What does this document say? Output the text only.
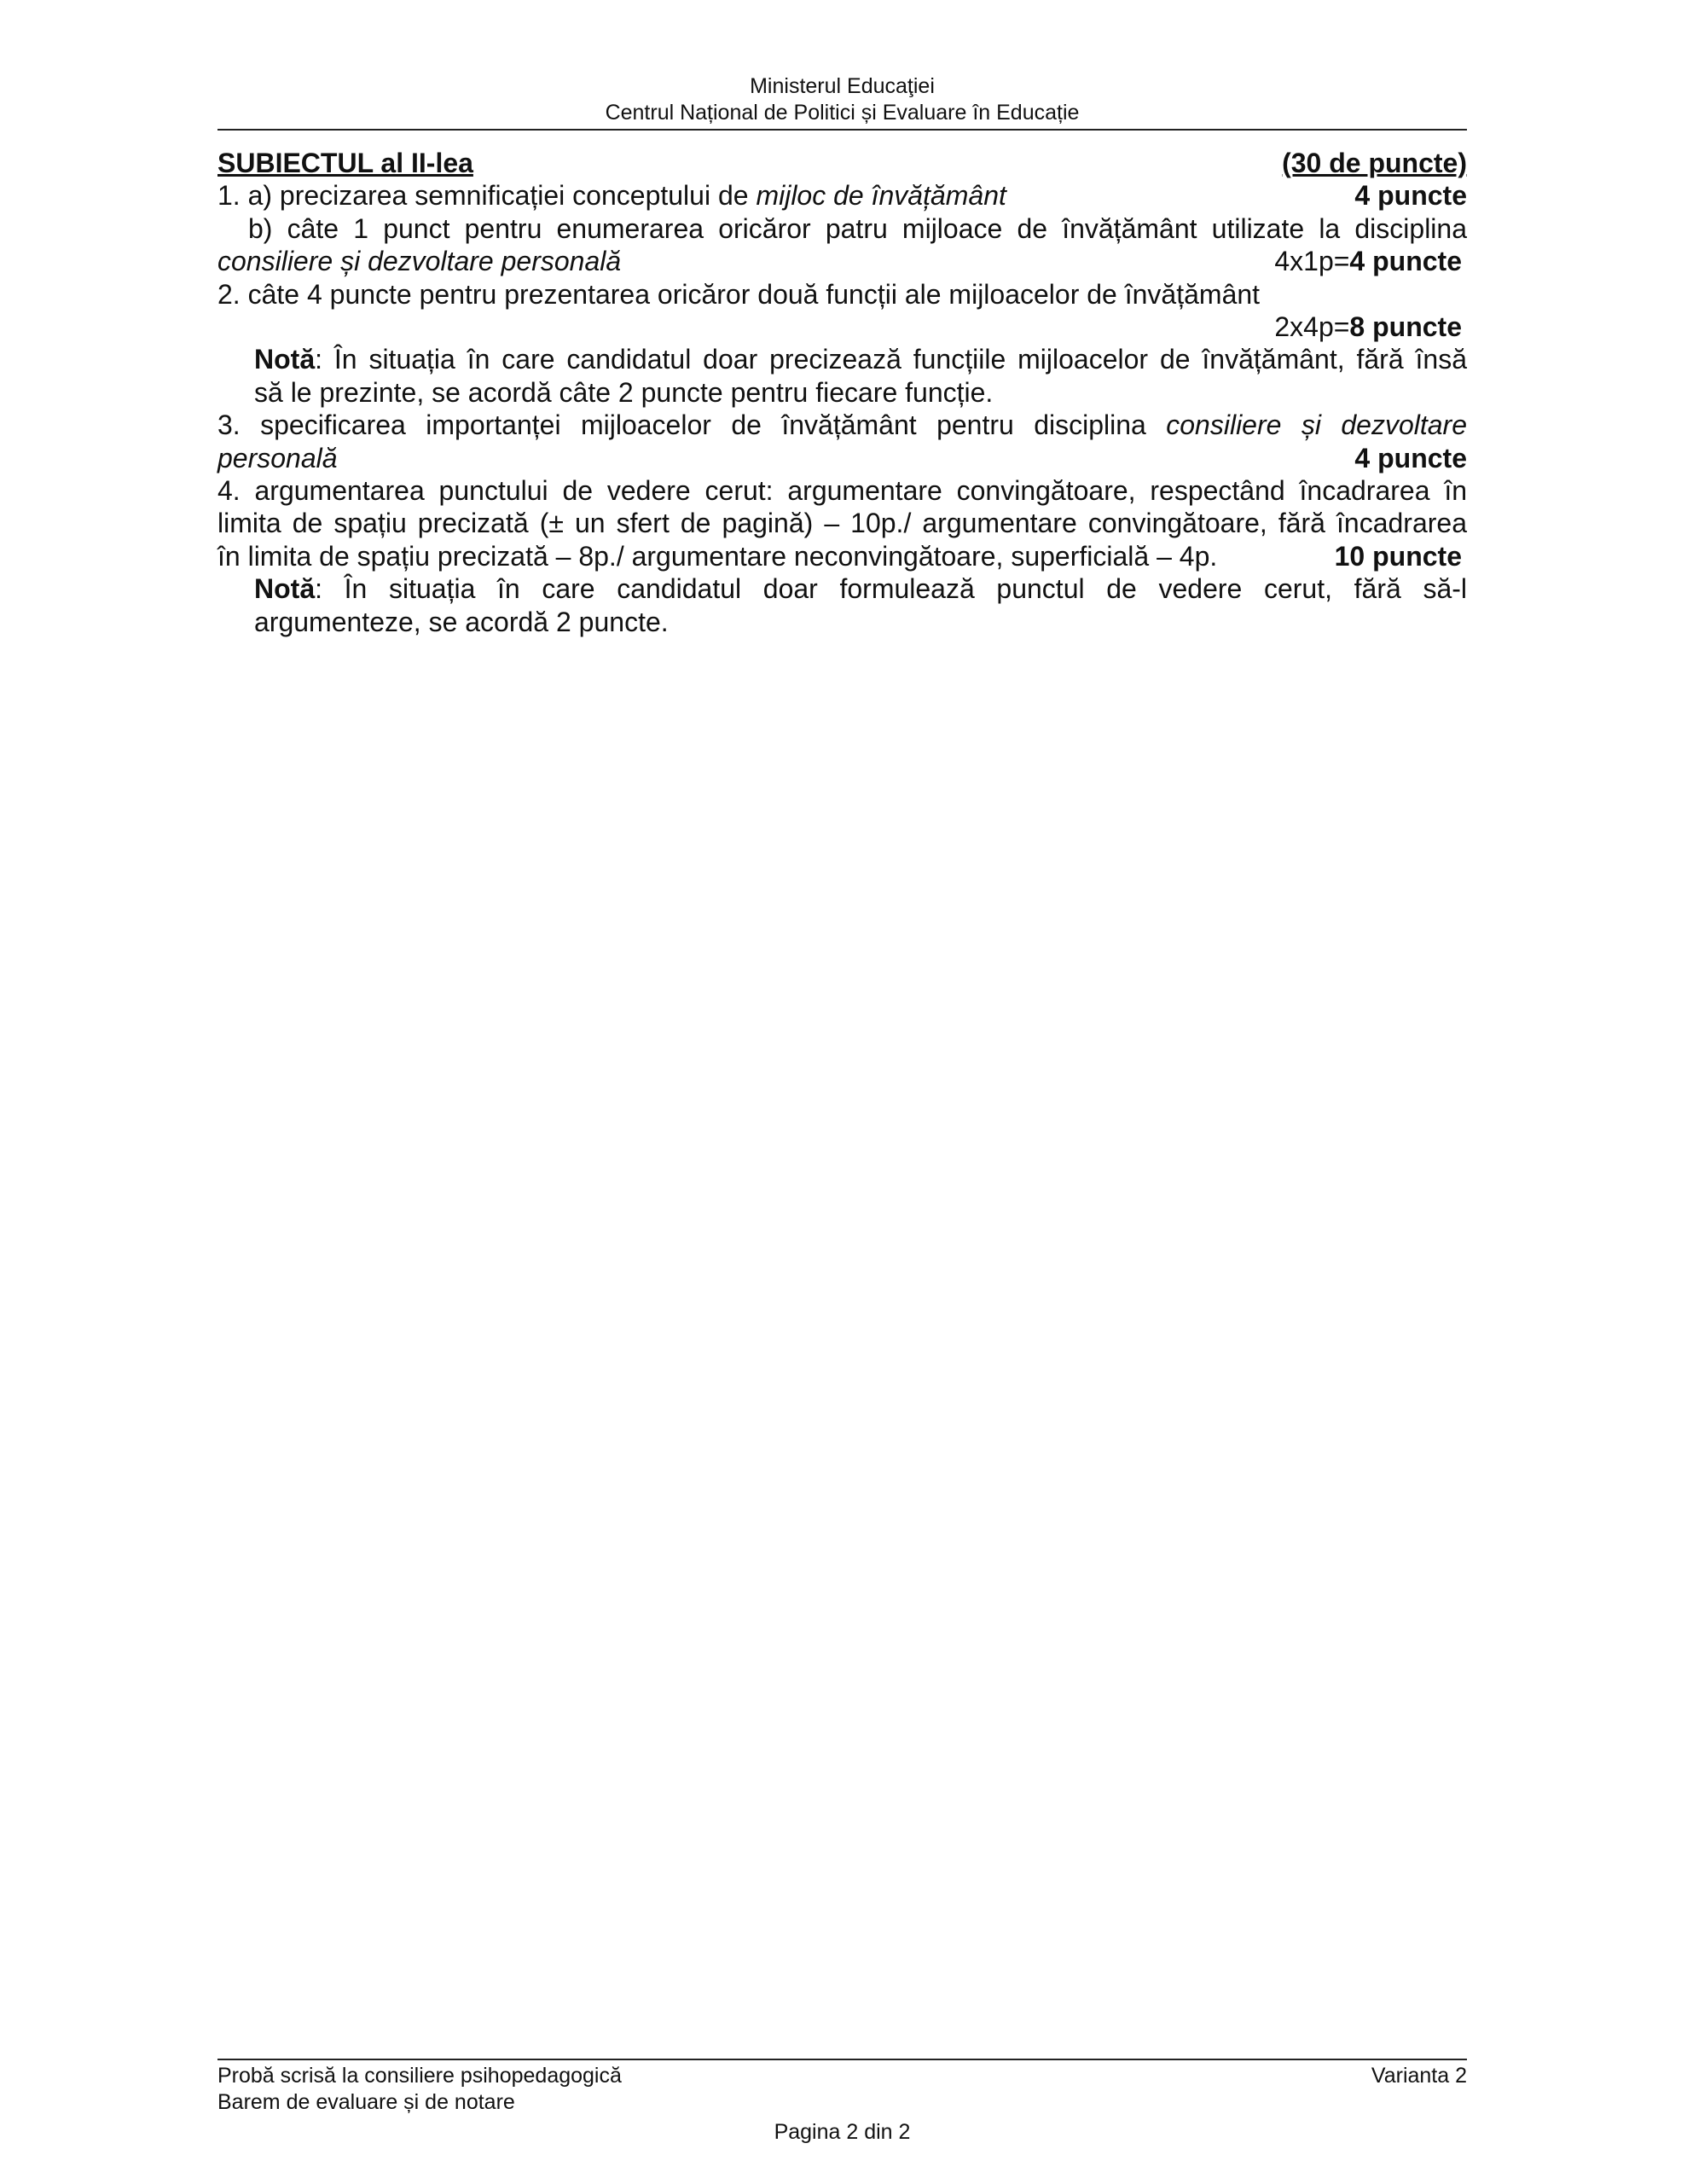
Ministerul Educaţiei
Centrul Național de Politici și Evaluare în Educație
SUBIECTUL al II-lea	(30 de puncte)
1. a) precizarea semnificației conceptului de mijloc de învățământ	4 puncte
b) câte 1 punct pentru enumerarea oricăror patru mijloace de învățământ utilizate la disciplina
consiliere și dezvoltare personală	4x1p=4 puncte
2. câte 4 puncte pentru prezentarea oricăror două funcții ale mijloacelor de învățământ
2x4p=8 puncte
Notă: În situația în care candidatul doar precizează funcțiile mijloacelor de învățământ, fără însă
să le prezinte, se acordă câte 2 puncte pentru fiecare funcție.
3. specificarea importanței mijloacelor de învățământ pentru disciplina consiliere și dezvoltare
personală	4 puncte
4. argumentarea punctului de vedere cerut: argumentare convingătoare, respectând încadrarea în
limita de spațiu precizată (± un sfert de pagină) – 10p./ argumentare convingătoare, fără încadrarea
în limita de spațiu precizată – 8p./ argumentare neconvingătoare, superficială – 4p.	10 puncte
Notă: În situația în care candidatul doar formulează punctul de vedere cerut, fără să-l
argumenteze, se acordă 2 puncte.
Probă scrisă la consiliere psihopedagogică	Varianta 2
Barem de evaluare și de notare
Pagina 2 din 2
